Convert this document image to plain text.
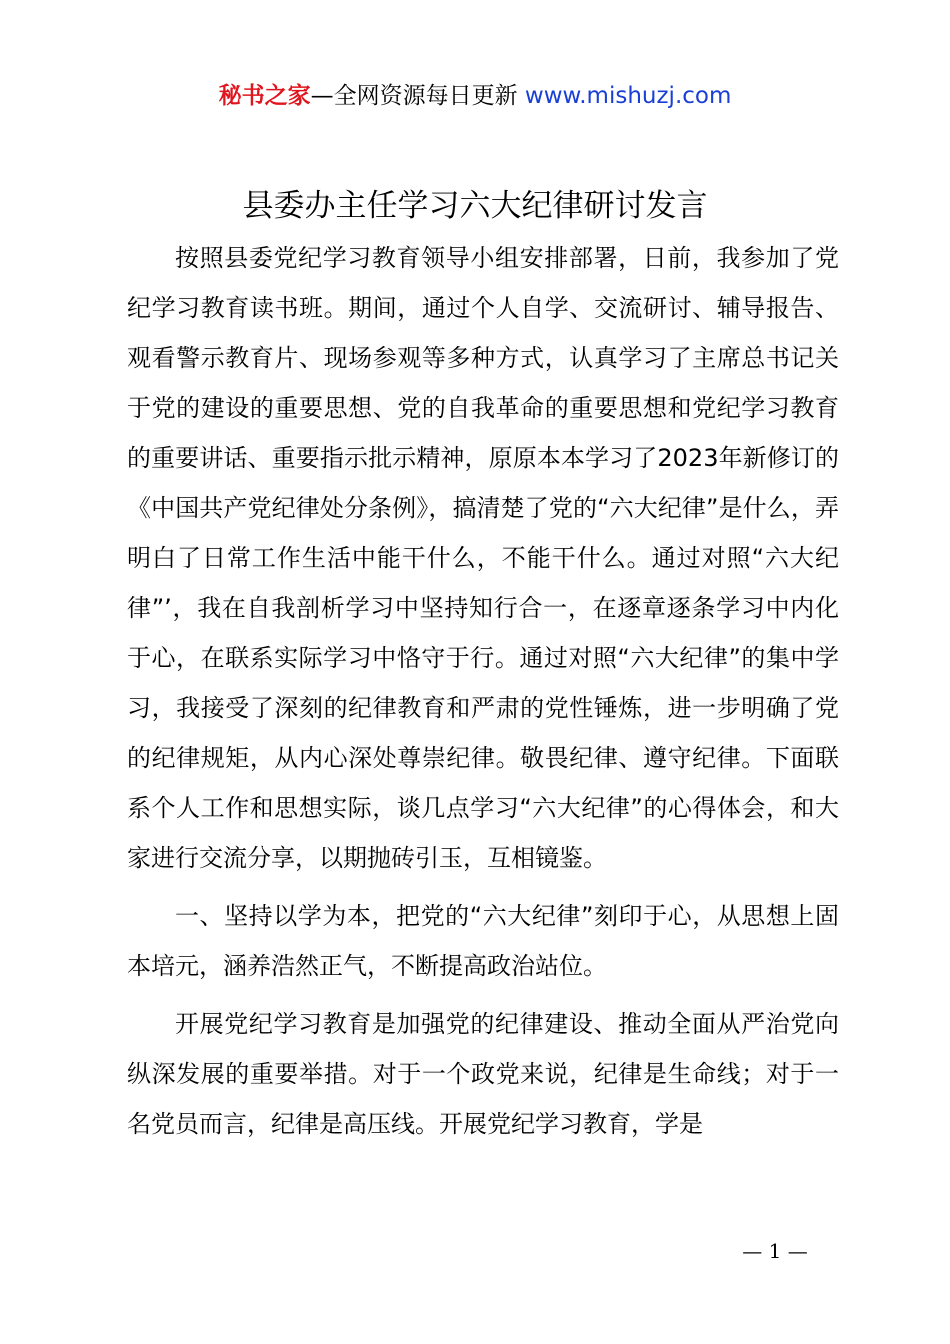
秘书之家—全网资源每日更新 www.mishuzj.com
县委办主任学习六大纪律研讨发言

按照县委党纪学习教育领导小组安排部署，日前，我参加了党纪学习教育读书班。期间，通过个人自学、交流研讨、辅导报告、观看警示教育片、现场参观等多种方式，认真学习了主席总书记关于党的建设的重要思想、党的自我革命的重要思想和党纪学习教育的重要讲话、重要指示批示精神，原原本本学习了2023年新修订的《中国共产党纪律处分条例》，搞清楚了党的“六大纪律”是什么，弄明白了日常工作生活中能干什么，不能干什么。通过对照“六大纪律”’，我在自我剖析学习中坚持知行合一，在逐章逐条学习中内化于心，在联系实际学习中恪守于行。通过对照“六大纪律”的集中学习，我接受了深刻的纪律教育和严肃的党性锤炼，进一步明确了党的纪律规矩，从内心深处尊崇纪律。敬畏纪律、遵守纪律。下面联系个人工作和思想实际，谈几点学习“六大纪律”的心得体会，和大家进行交流分享，以期抛砖引玉，互相镜鉴。

一、坚持以学为本，把党的“六大纪律”刻印于心，从思想上固本培元，涵养浩然正气，不断提高政治站位。

开展党纪学习教育是加强党的纪律建设、推动全面从严治党向纵深发展的重要举措。对于一个政党来说，纪律是生命线；对于一名党员而言，纪律是高压线。开展党纪学习教育，学是

— 1 —
